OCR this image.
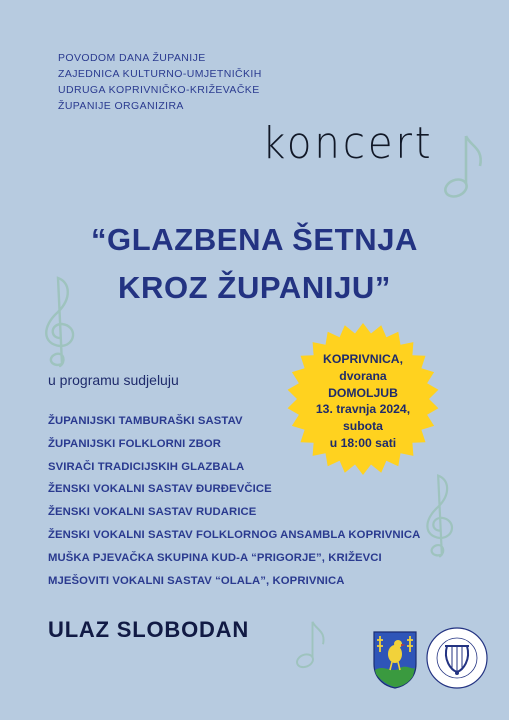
POVODOM DANA ŽUPANIJE
ZAJEDNICA KULTURNO-UMJETNIČKIH
UDRUGA KOPRIVNIČKO-KRIŽEVAČKE
ŽUPANIJE ORGANIZIRA
koncert
“GLAZBENA ŠETNJA
KROZ ŽUPANIJU”
u programu sudjeluju
KOPRIVNICA,
dvorana
DOMOLJUB
13. travnja 2024,
subota
u 18:00 sati
ŽUPANIJSKI TAMBURAŠKI SASTAV
ŽUPANIJSKI FOLKLORNI ZBOR
SVIRAČI TRADICIJSKIH GLAZBALA
ŽENSKI VOKALNI SASTAV ĐURĐEVČICE
ŽENSKI VOKALNI SASTAV RUDARICE
ŽENSKI VOKALNI SASTAV FOLKLORNOG ANSAMBLA KOPRIVNICA
MUŠKA PJEVAČKA SKUPINA KUD-A “PRIGORJE”, KRIŽEVCI
MJEŠOVITI VOKALNI SASTAV “OLALA”, KOPRIVNICA
ULAZ SLOBODAN
